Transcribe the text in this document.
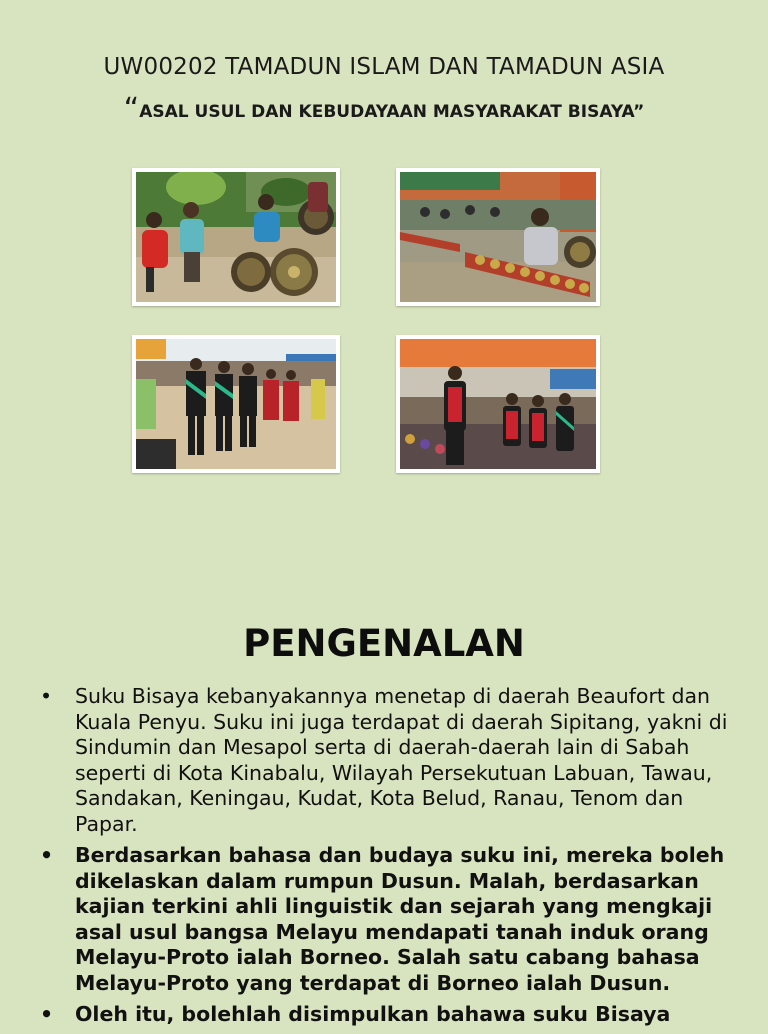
UW00202 TAMADUN ISLAM DAN TAMADUN ASIA
“ASAL USUL DAN KEBUDAYAAN MASYARAKAT BISAYA”
PENGENALAN
• Suku Bisaya kebanyakannya menetap di daerah Beaufort dan Kuala Penyu. Suku ini juga terdapat di daerah Sipitang, yakni di Sindumin dan Mesapol serta di daerah-daerah lain di Sabah seperti di Kota Kinabalu, Wilayah Persekutuan Labuan, Tawau, Sandakan, Keningau, Kudat, Kota Belud, Ranau, Tenom dan Papar.
• Berdasarkan bahasa dan budaya suku ini, mereka boleh dikelaskan dalam rumpun Dusun. Malah, berdasarkan kajian terkini ahli linguistik dan sejarah yang mengkaji asal usul bangsa Melayu mendapati tanah induk orang Melayu-Proto ialah Borneo. Salah satu cabang bahasa Melayu-Proto yang terdapat di Borneo ialah Dusun.
• Oleh itu, bolehlah disimpulkan bahawa suku Bisaya
